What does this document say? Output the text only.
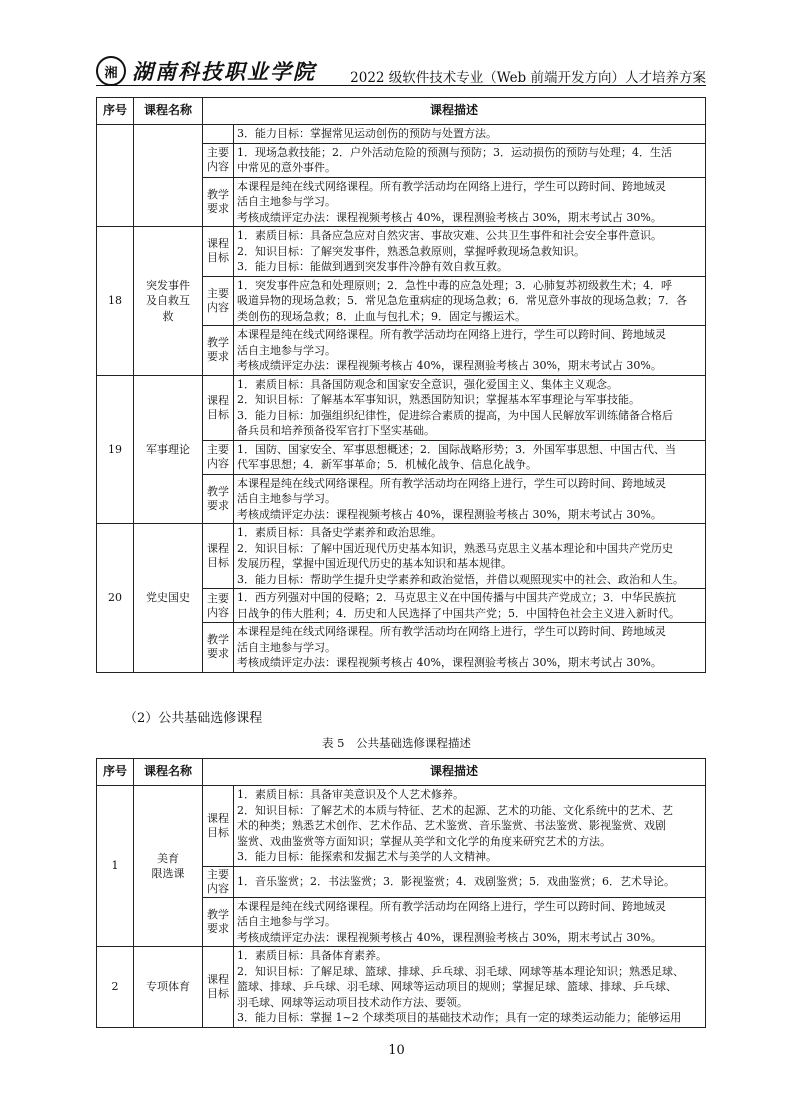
湘 湖南科技职业学院	2022 级软件技术专业（Web 前端开发方向）人才培养方案
序号	课程名称	课程描述	

			3．能力目标：掌握常见运动创伤的预防与处置方法。

		主要
内容	1．现场急救技能；2．户外活动危险的预测与预防；3．运动损伤的预防与处理；4．生活
中常见的意外事件。

		教学
要求	本课程是纯在线式网络课程。所有教学活动均在网络上进行，学生可以跨时间、跨地域灵
活自主地参与学习。
考核成绩评定办法：课程视频考核占 40%，课程测验考核占 30%，期末考试占 30%。

18	突发事件
及自救互
救	课程
目标	1．素质目标：具备应急应对自然灾害、事故灾难、公共卫生事件和社会安全事件意识。
2．知识目标：了解突发事件，熟悉急救原则，掌握呼救现场急救知识。
3．能力目标：能做到遇到突发事件冷静有效自救互救。

		主要
内容	1．突发事件应急和处理原则；2．急性中毒的应急处理；3．心肺复苏初级救生术；4．呼
吸道异物的现场急救；5．常见急危重病症的现场急救；6．常见意外事故的现场急救；7．各
类创伤的现场急救；8．止血与包扎术；9．固定与搬运术。

		教学
要求	本课程是纯在线式网络课程。所有教学活动均在网络上进行，学生可以跨时间、跨地域灵
活自主地参与学习。
考核成绩评定办法：课程视频考核占 40%，课程测验考核占 30%，期末考试占 30%。

19	军事理论	课程
目标	1．素质目标：具备国防观念和国家安全意识，强化爱国主义、集体主义观念。
2．知识目标：了解基本军事知识，熟悉国防知识；掌握基本军事理论与军事技能。
3．能力目标：加强组织纪律性，促进综合素质的提高，为中国人民解放军训练储备合格后
备兵员和培养预备役军官打下坚实基础。

		主要
内容	1．国防、国家安全、军事思想概述；2．国际战略形势；3．外国军事思想、中国古代、当
代军事思想；4．新军事革命；5．机械化战争、信息化战争。

		教学
要求	本课程是纯在线式网络课程。所有教学活动均在网络上进行，学生可以跨时间、跨地域灵
活自主地参与学习。
考核成绩评定办法：课程视频考核占 40%，课程测验考核占 30%，期末考试占 30%。

20	党史国史	课程
目标	1．素质目标：具备史学素养和政治思维。
2．知识目标：了解中国近现代历史基本知识，熟悉马克思主义基本理论和中国共产党历史
发展历程，掌握中国近现代历史的基本知识和基本规律。
3．能力目标：帮助学生提升史学素养和政治觉悟，并借以观照现实中的社会、政治和人生。

		主要
内容	1．西方列强对中国的侵略；2．马克思主义在中国传播与中国共产党成立；3．中华民族抗
日战争的伟大胜利；4．历史和人民选择了中国共产党；5．中国特色社会主义进入新时代。

		教学
要求	本课程是纯在线式网络课程。所有教学活动均在网络上进行，学生可以跨时间、跨地域灵
活自主地参与学习。
考核成绩评定办法：课程视频考核占 40%，课程测验考核占 30%，期末考试占 30%。
（2）公共基础选修课程
表 5　公共基础选修课程描述
序号	课程名称	课程描述	
1	美育
限选课	课程
目标	1．素质目标：具备审美意识及个人艺术修养。
2．知识目标：了解艺术的本质与特征、艺术的起源、艺术的功能、文化系统中的艺术、艺
术的种类；熟悉艺术创作、艺术作品、艺术鉴赏、音乐鉴赏、书法鉴赏、影视鉴赏、戏剧
鉴赏、戏曲鉴赏等方面知识；掌握从美学和文化学的角度来研究艺术的方法。
3．能力目标：能探索和发掘艺术与美学的人文精神。

		主要
内容	1．音乐鉴赏；2．书法鉴赏；3．影视鉴赏；4．戏剧鉴赏；5．戏曲鉴赏；6．艺术导论。

		教学
要求	本课程是纯在线式网络课程。所有教学活动均在网络上进行，学生可以跨时间、跨地域灵
活自主地参与学习。
考核成绩评定办法：课程视频考核占 40%，课程测验考核占 30%，期末考试占 30%。

2	专项体育	课程
目标	1．素质目标：具备体育素养。
2．知识目标：了解足球、篮球、排球、乒乓球、羽毛球、网球等基本理论知识；熟悉足球、
篮球、排球、乒乓球、羽毛球、网球等运动项目的规则；掌握足球、篮球、排球、乒乓球、
羽毛球、网球等运动项目技术动作方法、要领。
3．能力目标：掌握 1~2 个球类项目的基础技术动作；具有一定的球类运动能力；能够运用
10
